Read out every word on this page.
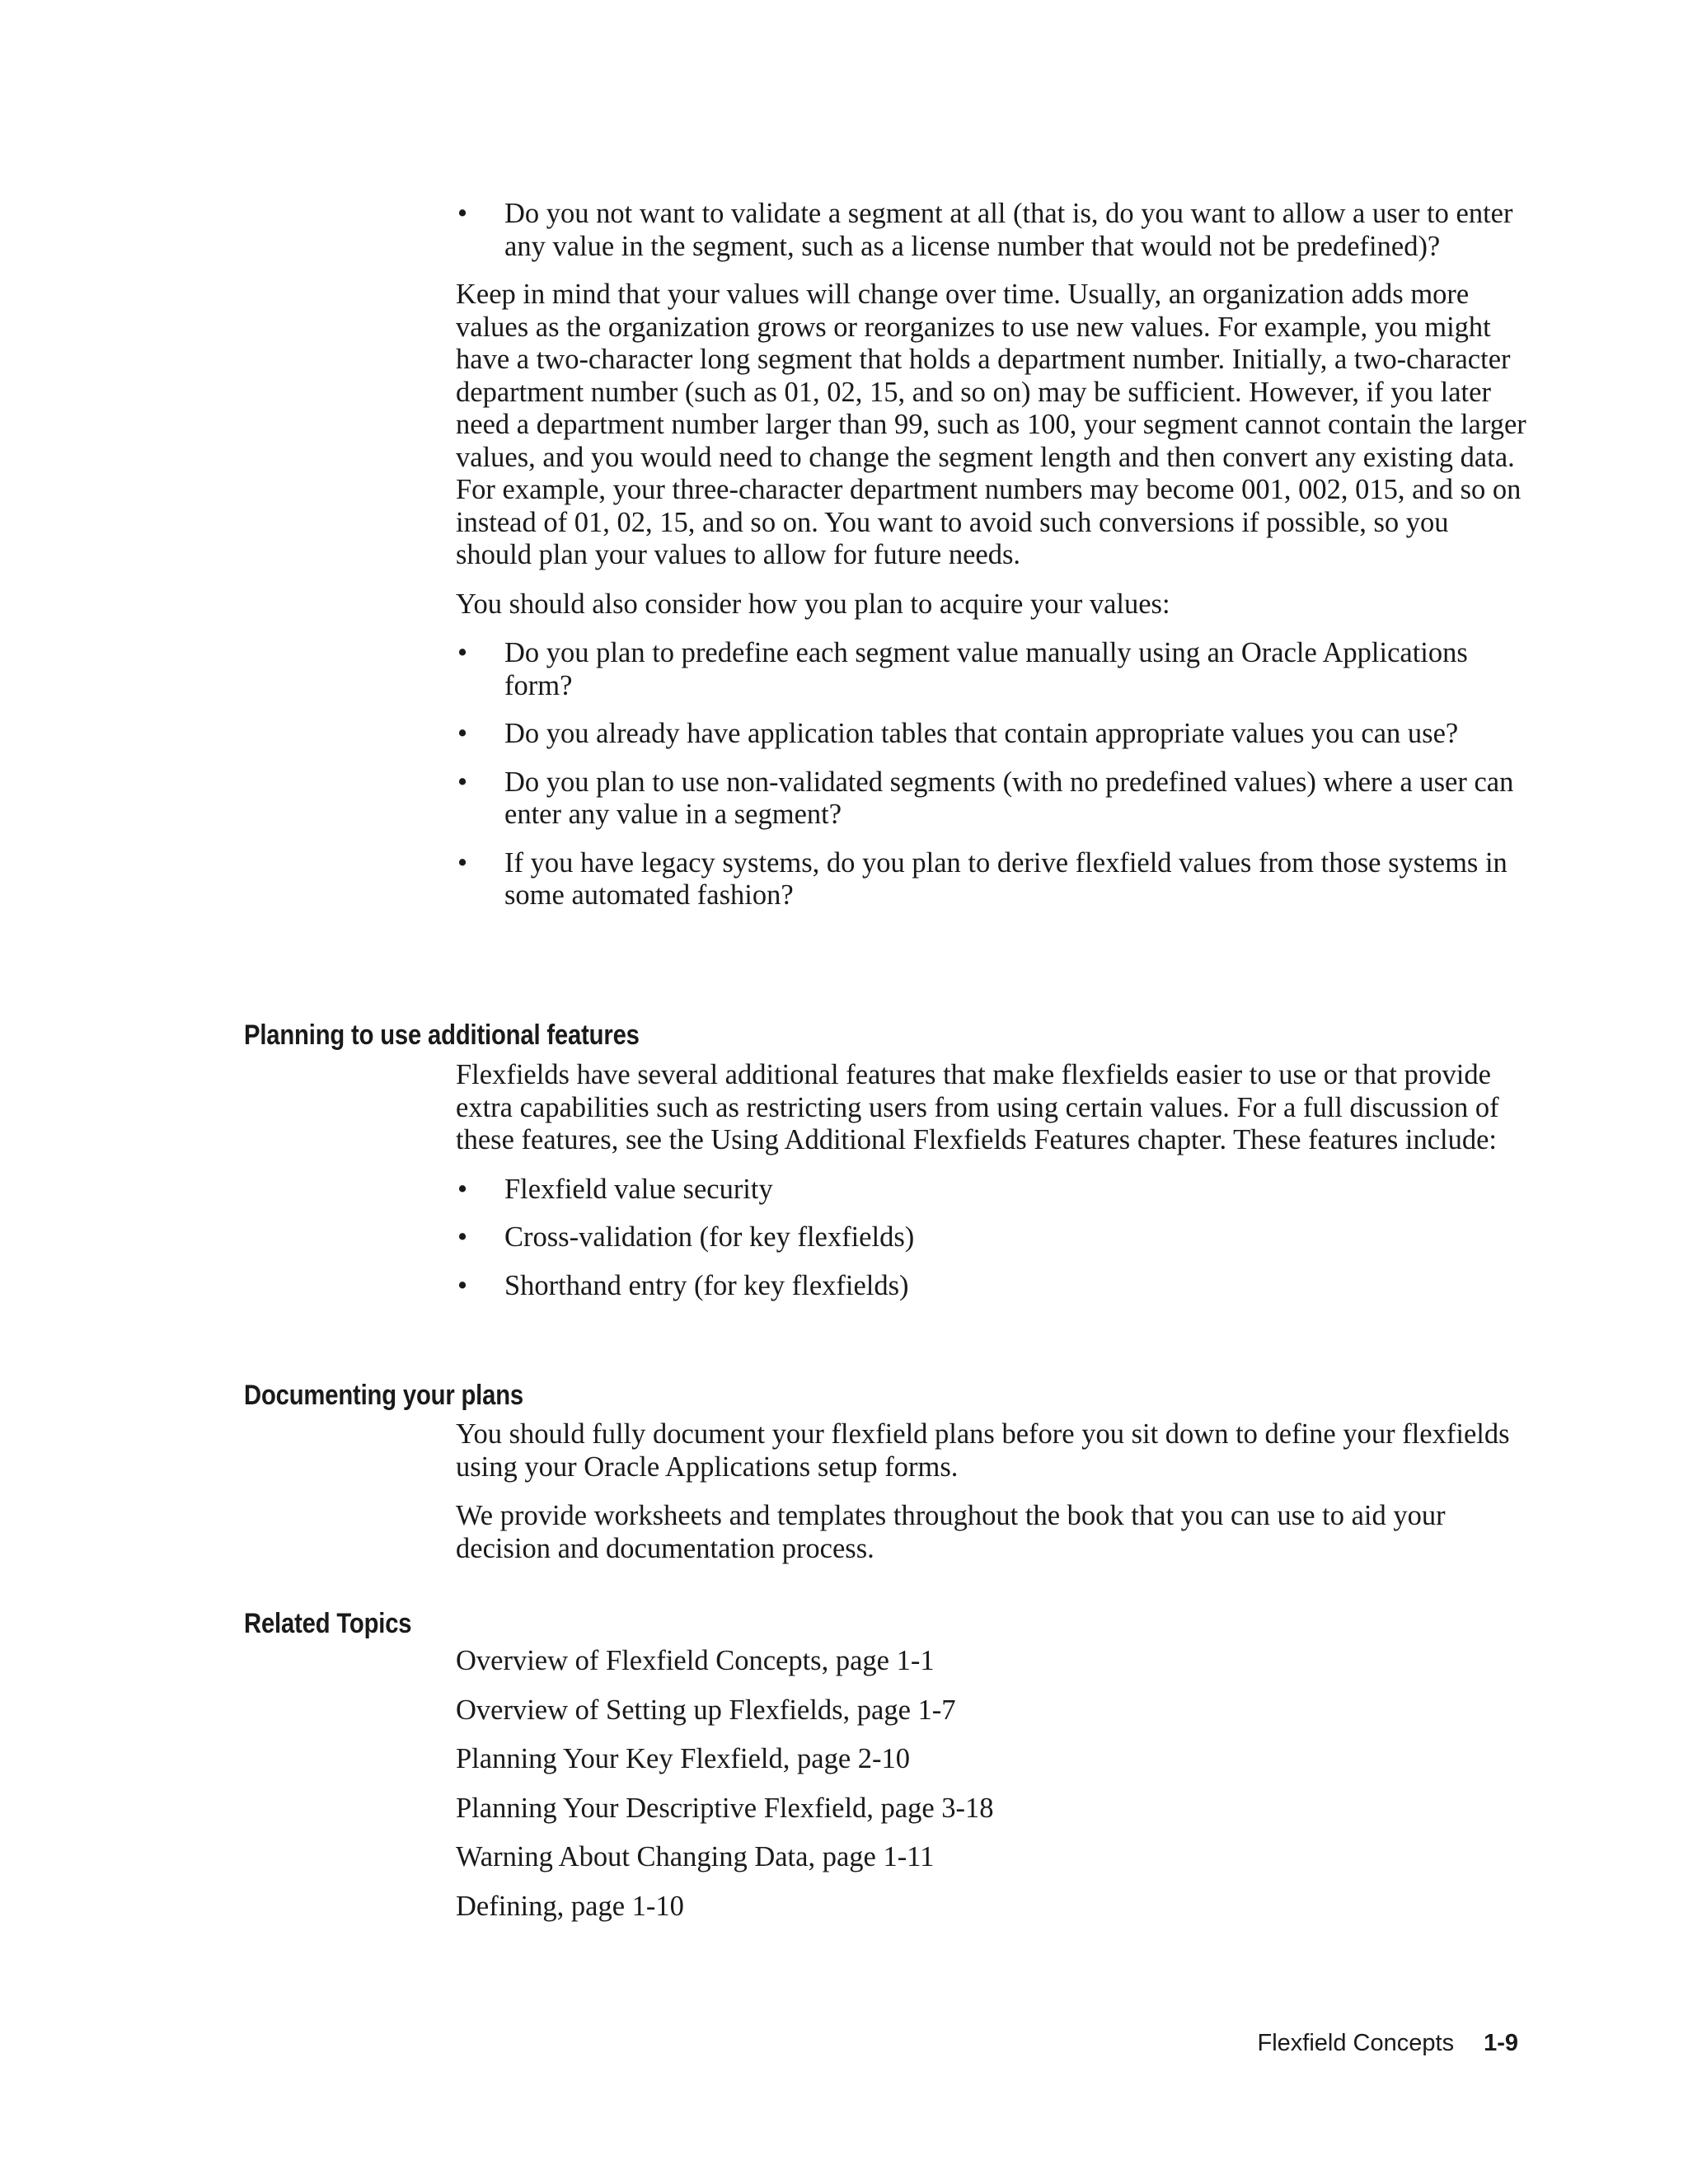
• Do you not want to validate a segment at all (that is, do you want to allow a user to enter any value in the segment, such as a license number that would not be predefined)?

Keep in mind that your values will change over time. Usually, an organization adds more values as the organization grows or reorganizes to use new values. For example, you might have a two-character long segment that holds a department number. Initially, a two-character department number (such as 01, 02, 15, and so on) may be sufficient. However, if you later need a department number larger than 99, such as 100, your segment cannot contain the larger values, and you would need to change the segment length and then convert any existing data. For example, your three-character department numbers may become 001, 002, 015, and so on instead of 01, 02, 15, and so on. You want to avoid such conversions if possible, so you should plan your values to allow for future needs.

You should also consider how you plan to acquire your values:

• Do you plan to predefine each segment value manually using an Oracle Applications form?
• Do you already have application tables that contain appropriate values you can use?
• Do you plan to use non-validated segments (with no predefined values) where a user can enter any value in a segment?
• If you have legacy systems, do you plan to derive flexfield values from those systems in some automated fashion?
Planning to use additional features

Flexfields have several additional features that make flexfields easier to use or that provide extra capabilities such as restricting users from using certain values. For a full discussion of these features, see the Using Additional Flexfields Features chapter. These features include:

• Flexfield value security
• Cross-validation (for key flexfields)
• Shorthand entry (for key flexfields)
Documenting your plans

You should fully document your flexfield plans before you sit down to define your flexfields using your Oracle Applications setup forms.

We provide worksheets and templates throughout the book that you can use to aid your decision and documentation process.

Related Topics
Overview of Flexfield Concepts, page 1-1
Overview of Setting up Flexfields, page 1-7
Planning Your Key Flexfield, page 2-10
Planning Your Descriptive Flexfield, page 3-18
Warning About Changing Data, page 1-11
Defining, page 1-10
Flexfield Concepts 1-9
